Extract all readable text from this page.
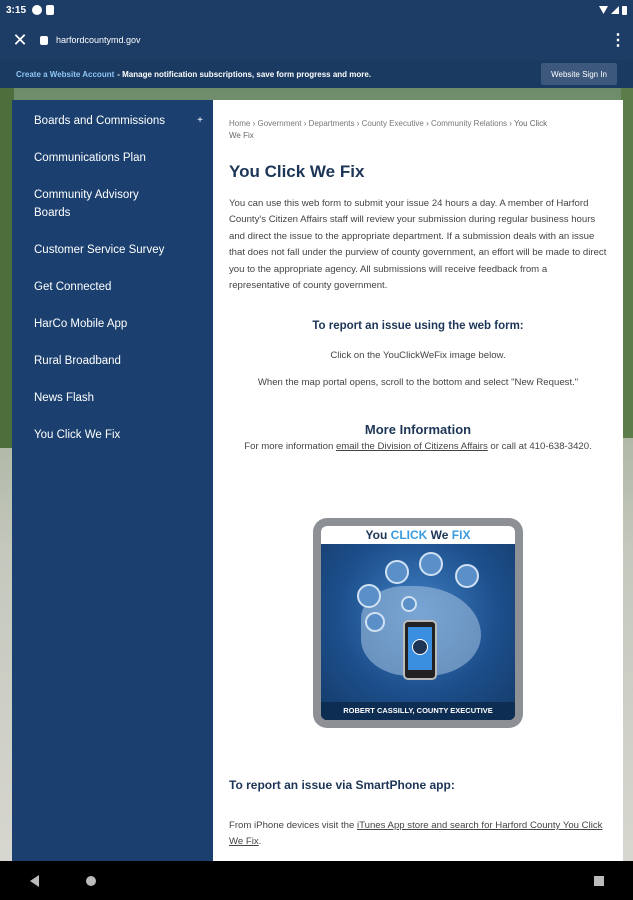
3:15
✕	harfordcountymd.gov	⋮
Create a Website Account - Manage notification subscriptions, save form progress and more.	Website Sign In
Boards and Commissions	+
Communications Plan
Community Advisory Boards
Customer Service Survey
Get Connected
HarCo Mobile App
Rural Broadband
News Flash
You Click We Fix
Home › Government › Departments › County Executive › Community Relations › You Click We Fix
You Click We Fix

You can use this web form to submit your issue 24 hours a day. A member of Harford County's Citizen Affairs staff will review your submission during regular business hours and direct the issue to the appropriate department. If a submission deals with an issue that does not fall under the purview of county government, an effort will be made to direct you to the appropriate agency. All submissions will receive feedback from a representative of county government.

To report an issue using the web form:

Click on the YouClickWeFix image below.

When the map portal opens, scroll to the bottom and select "New Request."

More Information

For more information email the Division of Citizens Affairs or call at 410-638-3420.

You CLICK We FIX
ROBERT CASSILLY, COUNTY EXECUTIVE
To report an issue via SmartPhone app:

From iPhone devices visit the iTunes App store and search for Harford County You Click We Fix.
